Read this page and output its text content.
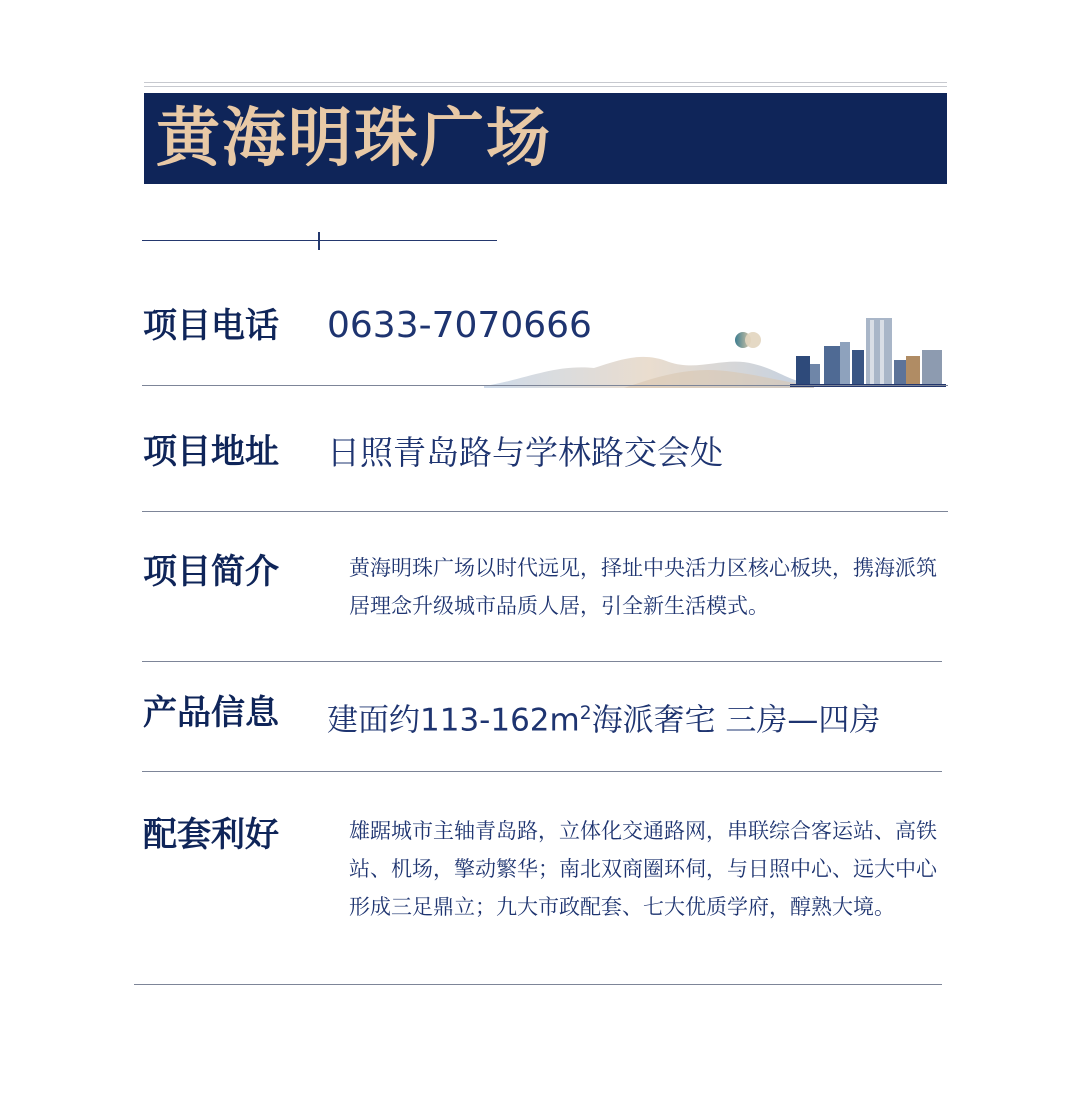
黄海明珠广场
项目电话 0633-7070666
项目地址 日照青岛路与学林路交会处
项目简介	黄海明珠广场以时代远见，择址中央活力区核心板块，携海派筑居理念升级城市品质人居，引全新生活模式。
产品信息 建面约$113-162m^2$海派奢宅 三房—四房
配套利好	雄踞城市主轴青岛路，立体化交通路网，串联综合客运站、高铁站、机场，擎动繁华；南北双商圈环伺，与日照中心、远大中心形成三足鼎立；九大市政配套、七大优质学府，醇熟大境。
